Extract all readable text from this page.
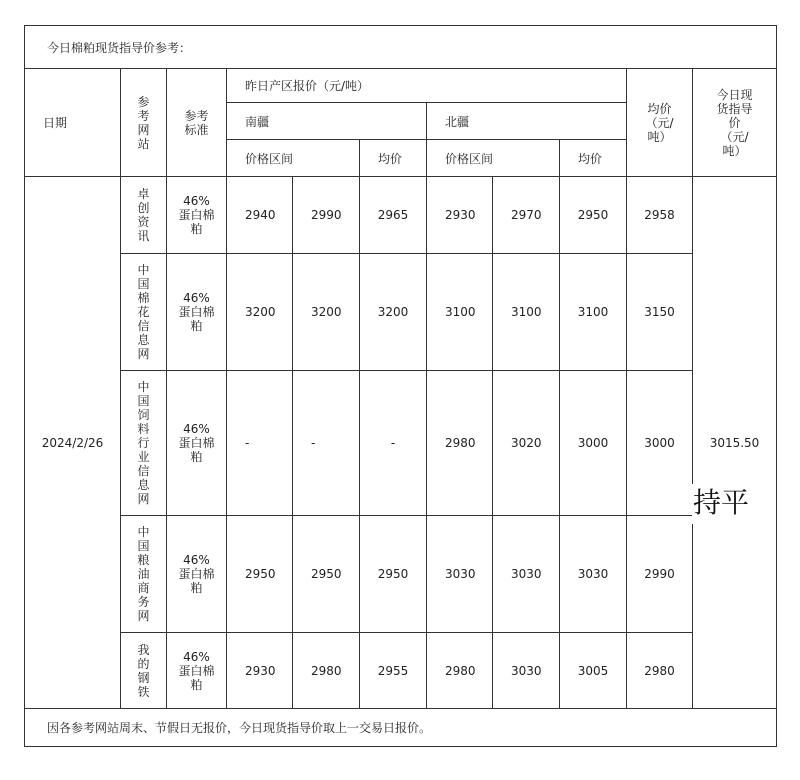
今日棉粕现货指导价参考：										
日期	参考网站	参考标准	昨日产区报价（元/吨）						均价（元/吨）	今日现货指导价（元/吨）

			南疆			北疆				
			价格区间		均价	价格区间		均价		
2024/2/26	卓创资讯	46%蛋白棉粕	2940	2990	2965	2930	2970	2950	2958	3015.50

	中国棉花信息网	46%蛋白棉粕	3200	3200	3200	3100	3100	3100	3150	

	中国饲料行业信息网	46%蛋白棉粕	-	-	-	2980	3020	3000	3000	

	中国粮油商务网	46%蛋白棉粕	2950	2950	2950	3030	3030	3030	2990	

	我的钢铁	46%蛋白棉粕	2930	2980	2955	2980	3030	3005	2980	
因各参考网站周末、节假日无报价，今日现货指导价取上一交易日报价。										
持平
